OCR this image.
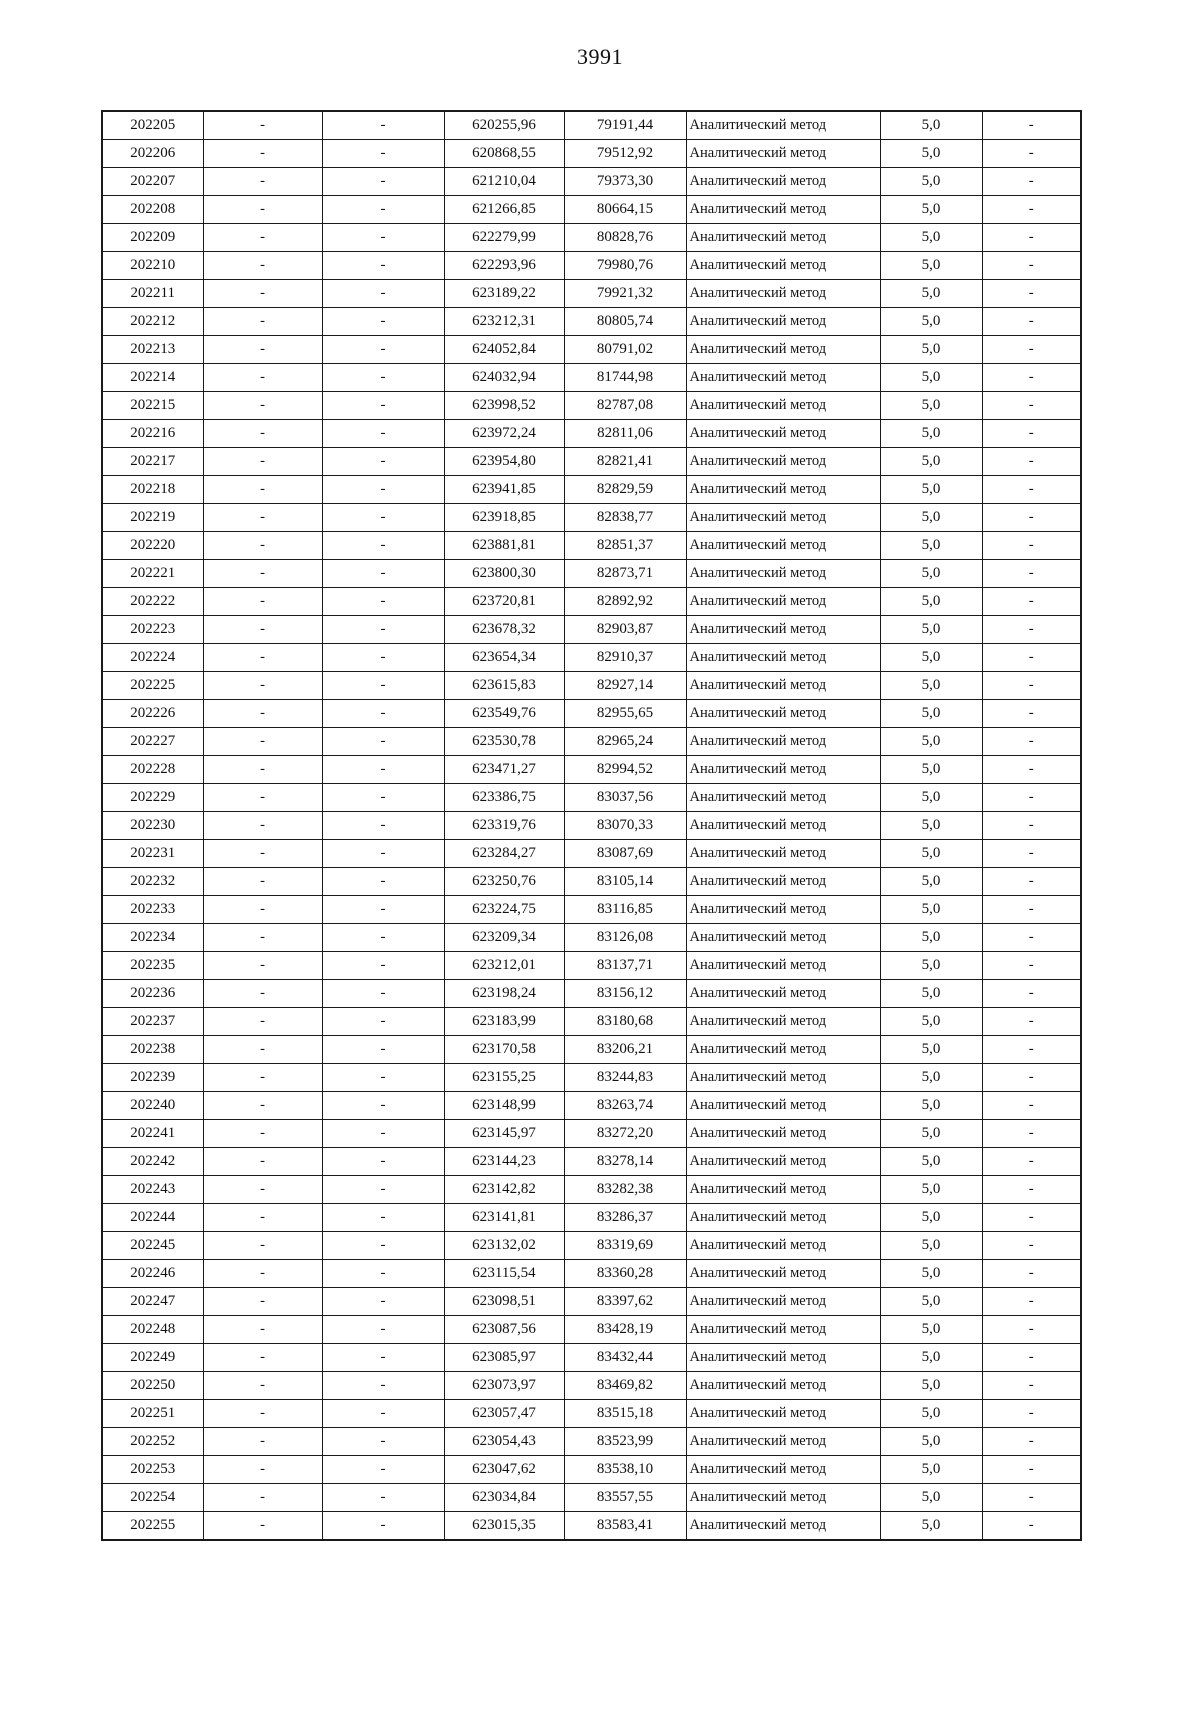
3991
202205	-	-	620255,96	79191,44	Аналитический метод	5,0	-
202206	-	-	620868,55	79512,92	Аналитический метод	5,0	-
202207	-	-	621210,04	79373,30	Аналитический метод	5,0	-
202208	-	-	621266,85	80664,15	Аналитический метод	5,0	-
202209	-	-	622279,99	80828,76	Аналитический метод	5,0	-
202210	-	-	622293,96	79980,76	Аналитический метод	5,0	-
202211	-	-	623189,22	79921,32	Аналитический метод	5,0	-
202212	-	-	623212,31	80805,74	Аналитический метод	5,0	-
202213	-	-	624052,84	80791,02	Аналитический метод	5,0	-
202214	-	-	624032,94	81744,98	Аналитический метод	5,0	-
202215	-	-	623998,52	82787,08	Аналитический метод	5,0	-
202216	-	-	623972,24	82811,06	Аналитический метод	5,0	-
202217	-	-	623954,80	82821,41	Аналитический метод	5,0	-
202218	-	-	623941,85	82829,59	Аналитический метод	5,0	-
202219	-	-	623918,85	82838,77	Аналитический метод	5,0	-
202220	-	-	623881,81	82851,37	Аналитический метод	5,0	-
202221	-	-	623800,30	82873,71	Аналитический метод	5,0	-
202222	-	-	623720,81	82892,92	Аналитический метод	5,0	-
202223	-	-	623678,32	82903,87	Аналитический метод	5,0	-
202224	-	-	623654,34	82910,37	Аналитический метод	5,0	-
202225	-	-	623615,83	82927,14	Аналитический метод	5,0	-
202226	-	-	623549,76	82955,65	Аналитический метод	5,0	-
202227	-	-	623530,78	82965,24	Аналитический метод	5,0	-
202228	-	-	623471,27	82994,52	Аналитический метод	5,0	-
202229	-	-	623386,75	83037,56	Аналитический метод	5,0	-
202230	-	-	623319,76	83070,33	Аналитический метод	5,0	-
202231	-	-	623284,27	83087,69	Аналитический метод	5,0	-
202232	-	-	623250,76	83105,14	Аналитический метод	5,0	-
202233	-	-	623224,75	83116,85	Аналитический метод	5,0	-
202234	-	-	623209,34	83126,08	Аналитический метод	5,0	-
202235	-	-	623212,01	83137,71	Аналитический метод	5,0	-
202236	-	-	623198,24	83156,12	Аналитический метод	5,0	-
202237	-	-	623183,99	83180,68	Аналитический метод	5,0	-
202238	-	-	623170,58	83206,21	Аналитический метод	5,0	-
202239	-	-	623155,25	83244,83	Аналитический метод	5,0	-
202240	-	-	623148,99	83263,74	Аналитический метод	5,0	-
202241	-	-	623145,97	83272,20	Аналитический метод	5,0	-
202242	-	-	623144,23	83278,14	Аналитический метод	5,0	-
202243	-	-	623142,82	83282,38	Аналитический метод	5,0	-
202244	-	-	623141,81	83286,37	Аналитический метод	5,0	-
202245	-	-	623132,02	83319,69	Аналитический метод	5,0	-
202246	-	-	623115,54	83360,28	Аналитический метод	5,0	-
202247	-	-	623098,51	83397,62	Аналитический метод	5,0	-
202248	-	-	623087,56	83428,19	Аналитический метод	5,0	-
202249	-	-	623085,97	83432,44	Аналитический метод	5,0	-
202250	-	-	623073,97	83469,82	Аналитический метод	5,0	-
202251	-	-	623057,47	83515,18	Аналитический метод	5,0	-
202252	-	-	623054,43	83523,99	Аналитический метод	5,0	-
202253	-	-	623047,62	83538,10	Аналитический метод	5,0	-
202254	-	-	623034,84	83557,55	Аналитический метод	5,0	-
202255	-	-	623015,35	83583,41	Аналитический метод	5,0	-
